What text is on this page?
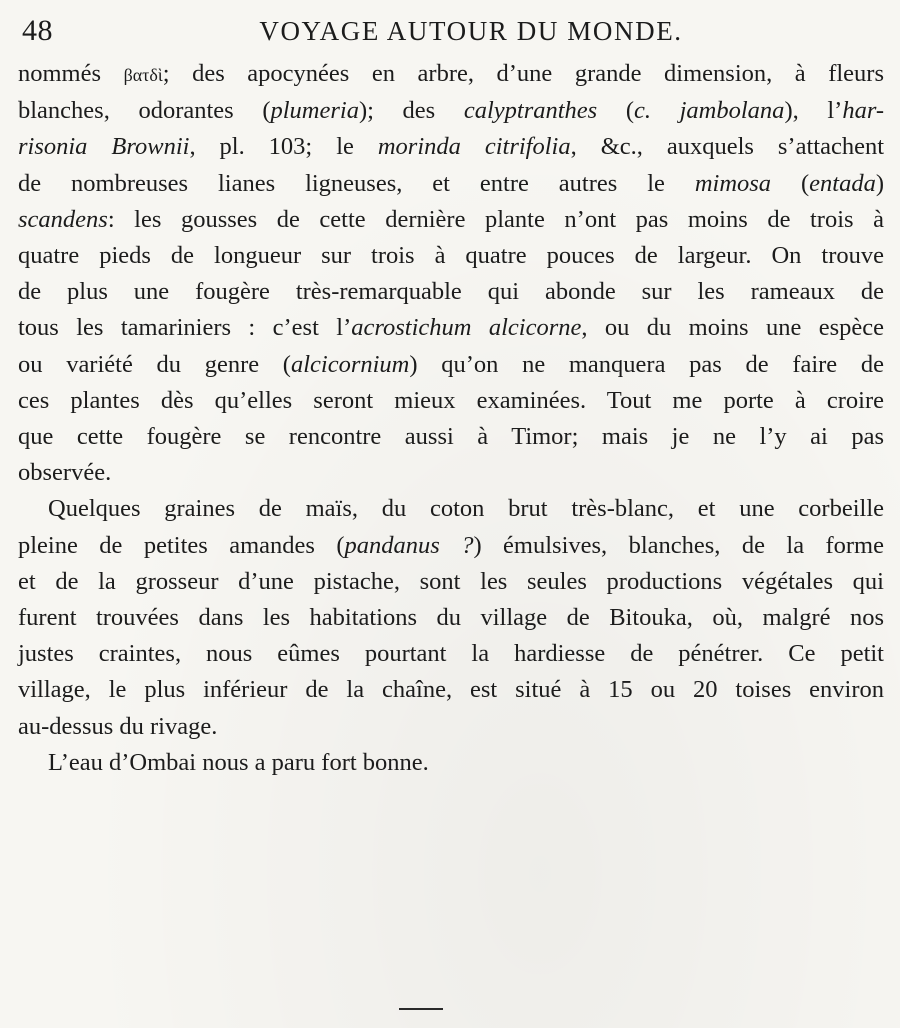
48	VOYAGE AUTOUR DU MONDE.
nommés βατδὶ; des apocynées en arbre, d’une grande dimension, à fleurs
blanches, odorantes (plumeria); des calyptranthes (c. jambolana), l’har-
risonia Brownii, pl. 103; le morinda citrifolia, &c., auxquels s’attachent
de nombreuses lianes ligneuses, et entre autres le mimosa (entada)
scandens: les gousses de cette dernière plante n’ont pas moins de trois à
quatre pieds de longueur sur trois à quatre pouces de largeur. On trouve
de plus une fougère très-remarquable qui abonde sur les rameaux de
tous les tamariniers : c’est l’acrostichum alcicorne, ou du moins une espèce
ou variété du genre (alcicornium) qu’on ne manquera pas de faire de
ces plantes dès qu’elles seront mieux examinées. Tout me porte à croire
que cette fougère se rencontre aussi à Timor; mais je ne l’y ai pas
observée.
Quelques graines de maïs, du coton brut très-blanc, et une corbeille
pleine de petites amandes (pandanus ?) émulsives, blanches, de la forme
et de la grosseur d’une pistache, sont les seules productions végétales qui
furent trouvées dans les habitations du village de Bitouka, où, malgré nos
justes craintes, nous eûmes pourtant la hardiesse de pénétrer. Ce petit
village, le plus inférieur de la chaîne, est situé à 15 ou 20 toises environ
au-dessus du rivage.
L’eau d’Ombai nous a paru fort bonne.
